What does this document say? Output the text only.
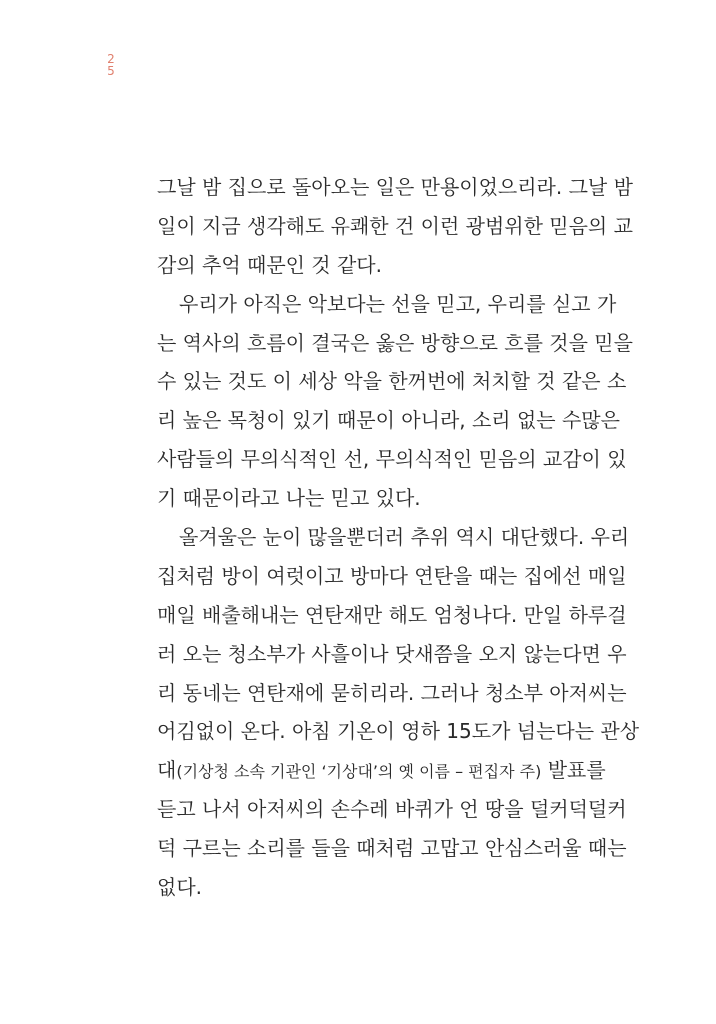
2
5
그날 밤 집으로 돌아오는 일은 만용이었으리라. 그날 밤
일이 지금 생각해도 유쾌한 건 이런 광범위한 믿음의 교
감의 추억 때문인 것 같다.
우리가 아직은 악보다는 선을 믿고, 우리를 싣고 가
는 역사의 흐름이 결국은 옳은 방향으로 흐를 것을 믿을
수 있는 것도 이 세상 악을 한꺼번에 처치할 것 같은 소
리 높은 목청이 있기 때문이 아니라, 소리 없는 수많은
사람들의 무의식적인 선, 무의식적인 믿음의 교감이 있
기 때문이라고 나는 믿고 있다.
올겨울은 눈이 많을뿐더러 추위 역시 대단했다. 우리
집처럼 방이 여럿이고 방마다 연탄을 때는 집에선 매일
매일 배출해내는 연탄재만 해도 엄청나다. 만일 하루걸
러 오는 청소부가 사흘이나 닷새쯤을 오지 않는다면 우
리 동네는 연탄재에 묻히리라. 그러나 청소부 아저씨는
어김없이 온다. 아침 기온이 영하 15도가 넘는다는 관상
대(기상청 소속 기관인 ‘기상대’의 옛 이름 – 편집자 주) 발표를
듣고 나서 아저씨의 손수레 바퀴가 언 땅을 덜커덕덜커
덕 구르는 소리를 들을 때처럼 고맙고 안심스러울 때는
없다.
